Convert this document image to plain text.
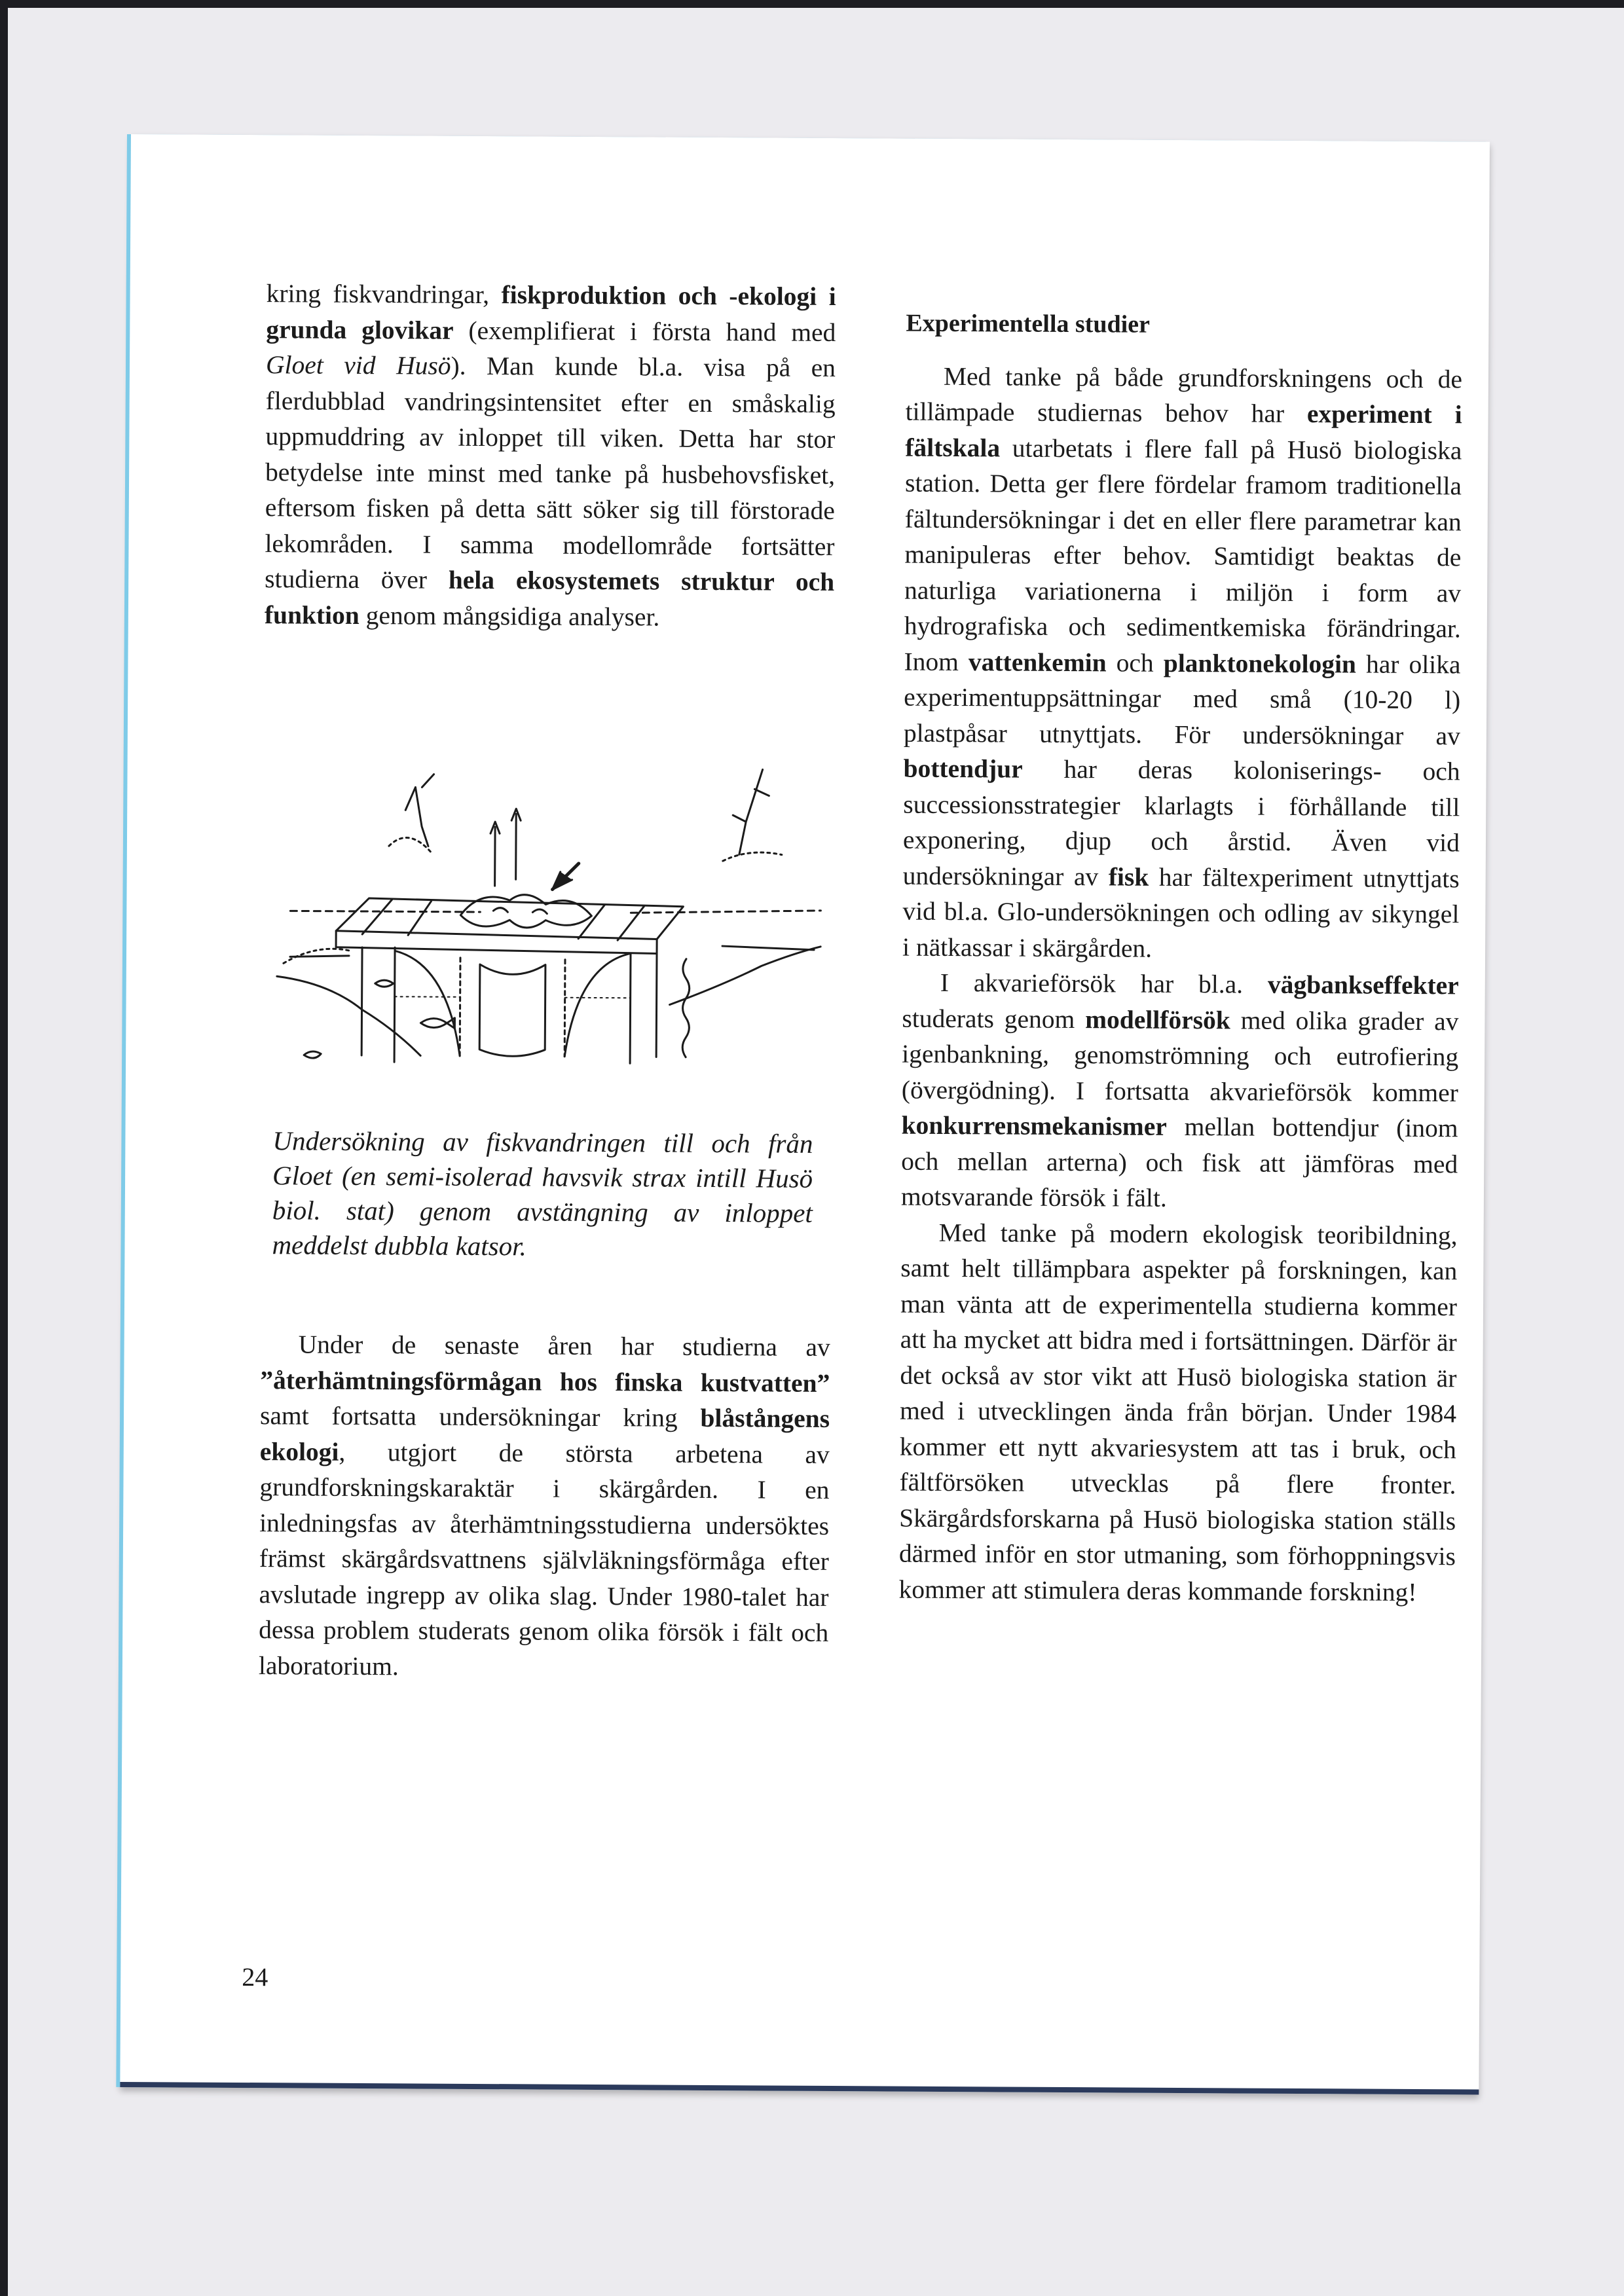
kring fiskvandringar, fiskproduktion och -ekologi i grunda glovikar (exemplifierat i första hand med Gloet vid Husö). Man kunde bl.a. visa på en flerdubblad vandringsintensitet efter en småskalig uppmuddring av inloppet till viken. Detta har stor betydelse inte minst med tanke på husbehovsfisket, eftersom fisken på detta sätt söker sig till förstorade lekområden. I samma modellområde fortsätter studierna över hela ekosystemets struktur och funktion genom mångsidiga analyser.

Undersökning av fiskvandringen till och från Gloet (en semi-isolerad havsvik strax intill Husö biol. stat) genom avstängning av inloppet meddelst dubbla katsor.

Under de senaste åren har studierna av ”återhämtningsförmågan hos finska kustvatten” samt fortsatta undersökningar kring blåstångens ekologi, utgjort de största arbetena av grundforskningskaraktär i skärgården. I en inledningsfas av återhämtningsstudierna undersöktes främst skärgårdsvattnens självläkningsförmåga efter avslutade ingrepp av olika slag. Under 1980-talet har dessa problem studerats genom olika försök i fält och laboratorium.

Experimentella studier

Med tanke på både grundforskningens och de tillämpade studiernas behov har experiment i fältskala utarbetats i flere fall på Husö biologiska station. Detta ger flere fördelar framom traditionella fältundersökningar i det en eller flere parametrar kan manipuleras efter behov. Samtidigt beaktas de naturliga variationerna i miljön i form av hydrografiska och sedimentkemiska förändringar. Inom vattenkemin och planktonekologin har olika experimentuppsättningar med små (10-20 l) plastpåsar utnyttjats. För undersökningar av bottendjur har deras koloniserings- och successionsstrategier klarlagts i förhållande till exponering, djup och årstid. Även vid undersökningar av fisk har fältexperiment utnyttjats vid bl.a. Glo-undersökningen och odling av sikyngel i nätkassar i skärgården.

I akvarieförsök har bl.a. vägbankseffekter studerats genom modellförsök med olika grader av igenbankning, genomströmning och eutrofiering (övergödning). I fortsatta akvarieförsök kommer konkurrensmekanismer mellan bottendjur (inom och mellan arterna) och fisk att jämföras med motsvarande försök i fält.

Med tanke på modern ekologisk teoribildning, samt helt tillämpbara aspekter på forskningen, kan man vänta att de experimentella studierna kommer att ha mycket att bidra med i fortsättningen. Därför är det också av stor vikt att Husö biologiska station är med i utvecklingen ända från början. Under 1984 kommer ett nytt akvariesystem att tas i bruk, och fältförsöken utvecklas på flere fronter. Skärgårdsforskarna på Husö biologiska station ställs därmed inför en stor utmaning, som förhoppningsvis kommer att stimulera deras kommande forskning!

24
